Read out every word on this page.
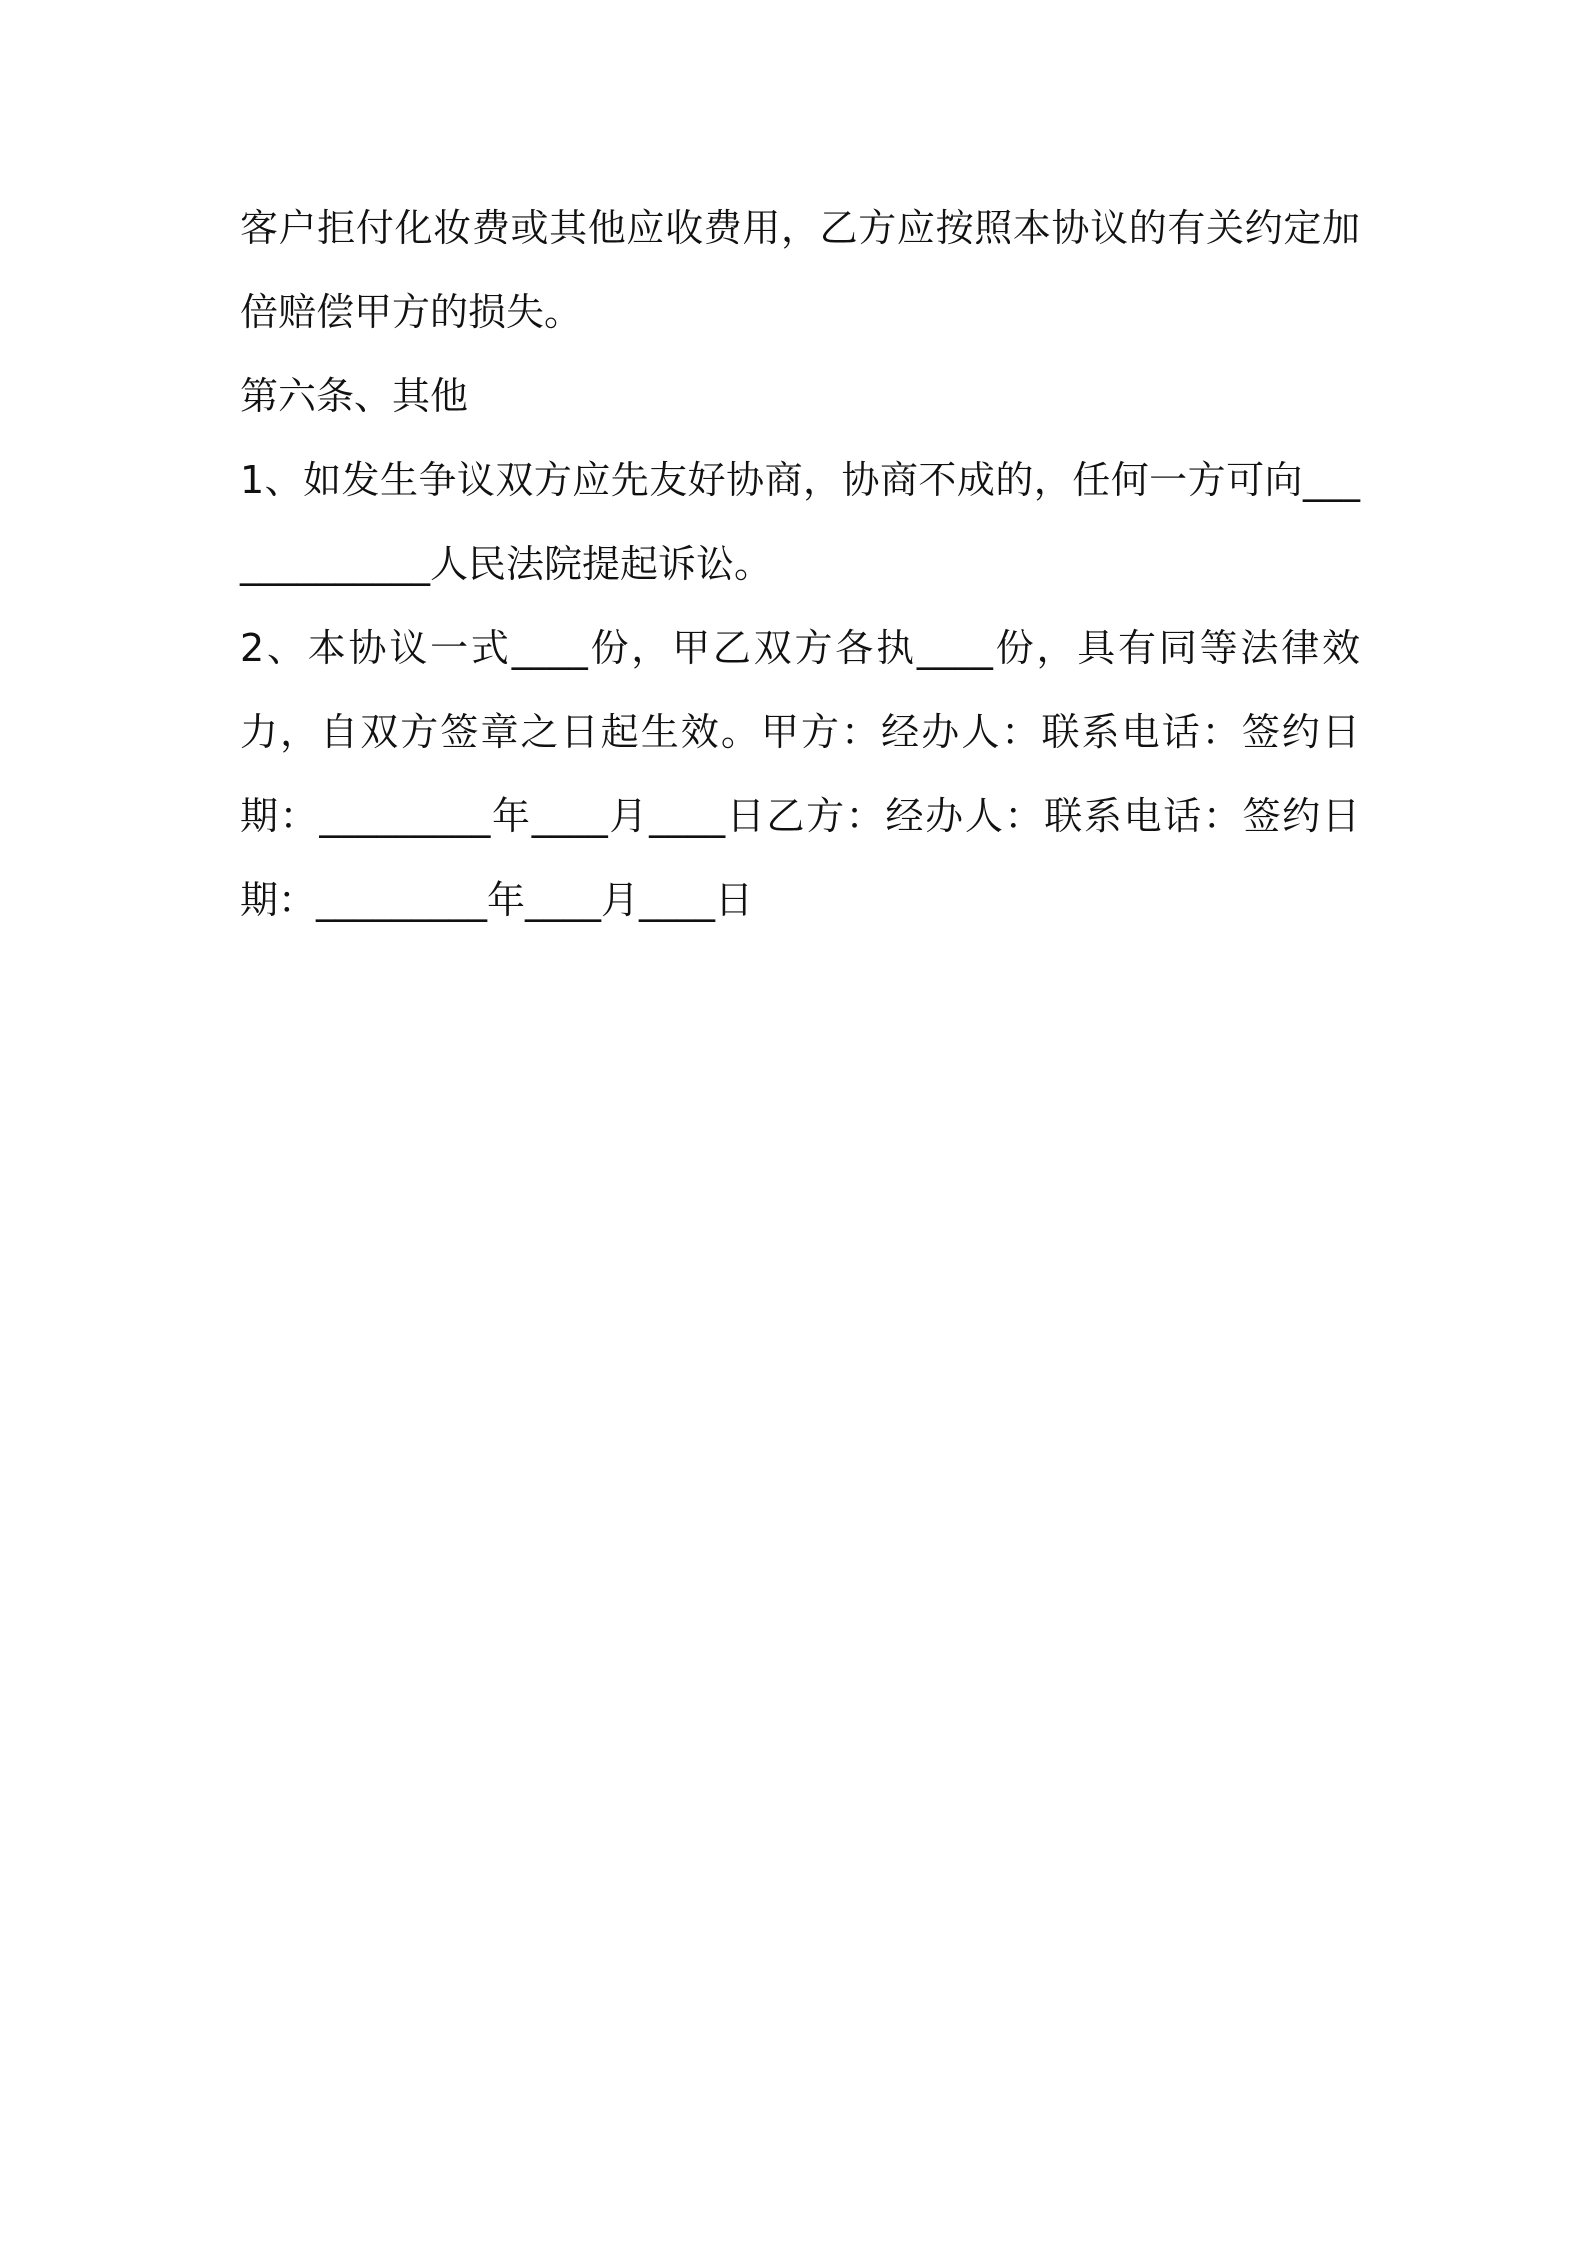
客户拒付化妆费或其他应收费用，乙方应按照本协议的有关约定加倍赔偿甲方的损失。

第六条、其他

1、如发生争议双方应先友好协商，协商不成的，任何一方可向_____________人民法院提起诉讼。

2、本协议一式____份，甲乙双方各执____份，具有同等法律效力，自双方签章之日起生效。甲方：经办人：联系电话：签约日期：_________年____月____日乙方：经办人：联系电话：签约日期：_________年____月____日
